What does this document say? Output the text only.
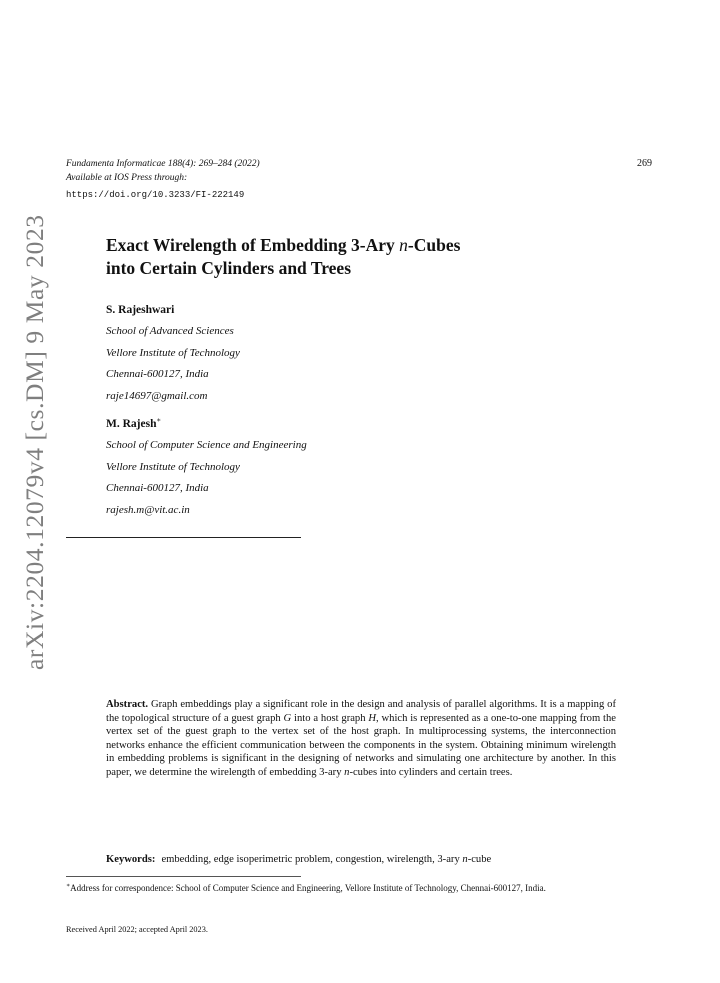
arXiv:2204.12079v4 [cs.DM] 9 May 2023
Fundamenta Informaticae 188(4): 269–284 (2022)
Available at IOS Press through:
https://doi.org/10.3233/FI-222149
269
Exact Wirelength of Embedding 3-Ary n-Cubes
into Certain Cylinders and Trees
S. Rajeshwari
School of Advanced Sciences
Vellore Institute of Technology
Chennai-600127, India
raje14697@gmail.com
M. Rajesh∗
School of Computer Science and Engineering
Vellore Institute of Technology
Chennai-600127, India
rajesh.m@vit.ac.in
Abstract. Graph embeddings play a significant role in the design and analysis of parallel algorithms. It is a mapping of the topological structure of a guest graph G into a host graph H, which is represented as a one-to-one mapping from the vertex set of the guest graph to the vertex set of the host graph. In multiprocessing systems, the interconnection networks enhance the efficient communication between the components in the system. Obtaining minimum wirelength in embedding problems is significant in the designing of networks and simulating one architecture by another. In this paper, we determine the wirelength of embedding 3-ary n-cubes into cylinders and certain trees.
Keywords: embedding, edge isoperimetric problem, congestion, wirelength, 3-ary n-cube
∗Address for correspondence: School of Computer Science and Engineering, Vellore Institute of Technology, Chennai-600127, India.
Received April 2022; accepted April 2023.
